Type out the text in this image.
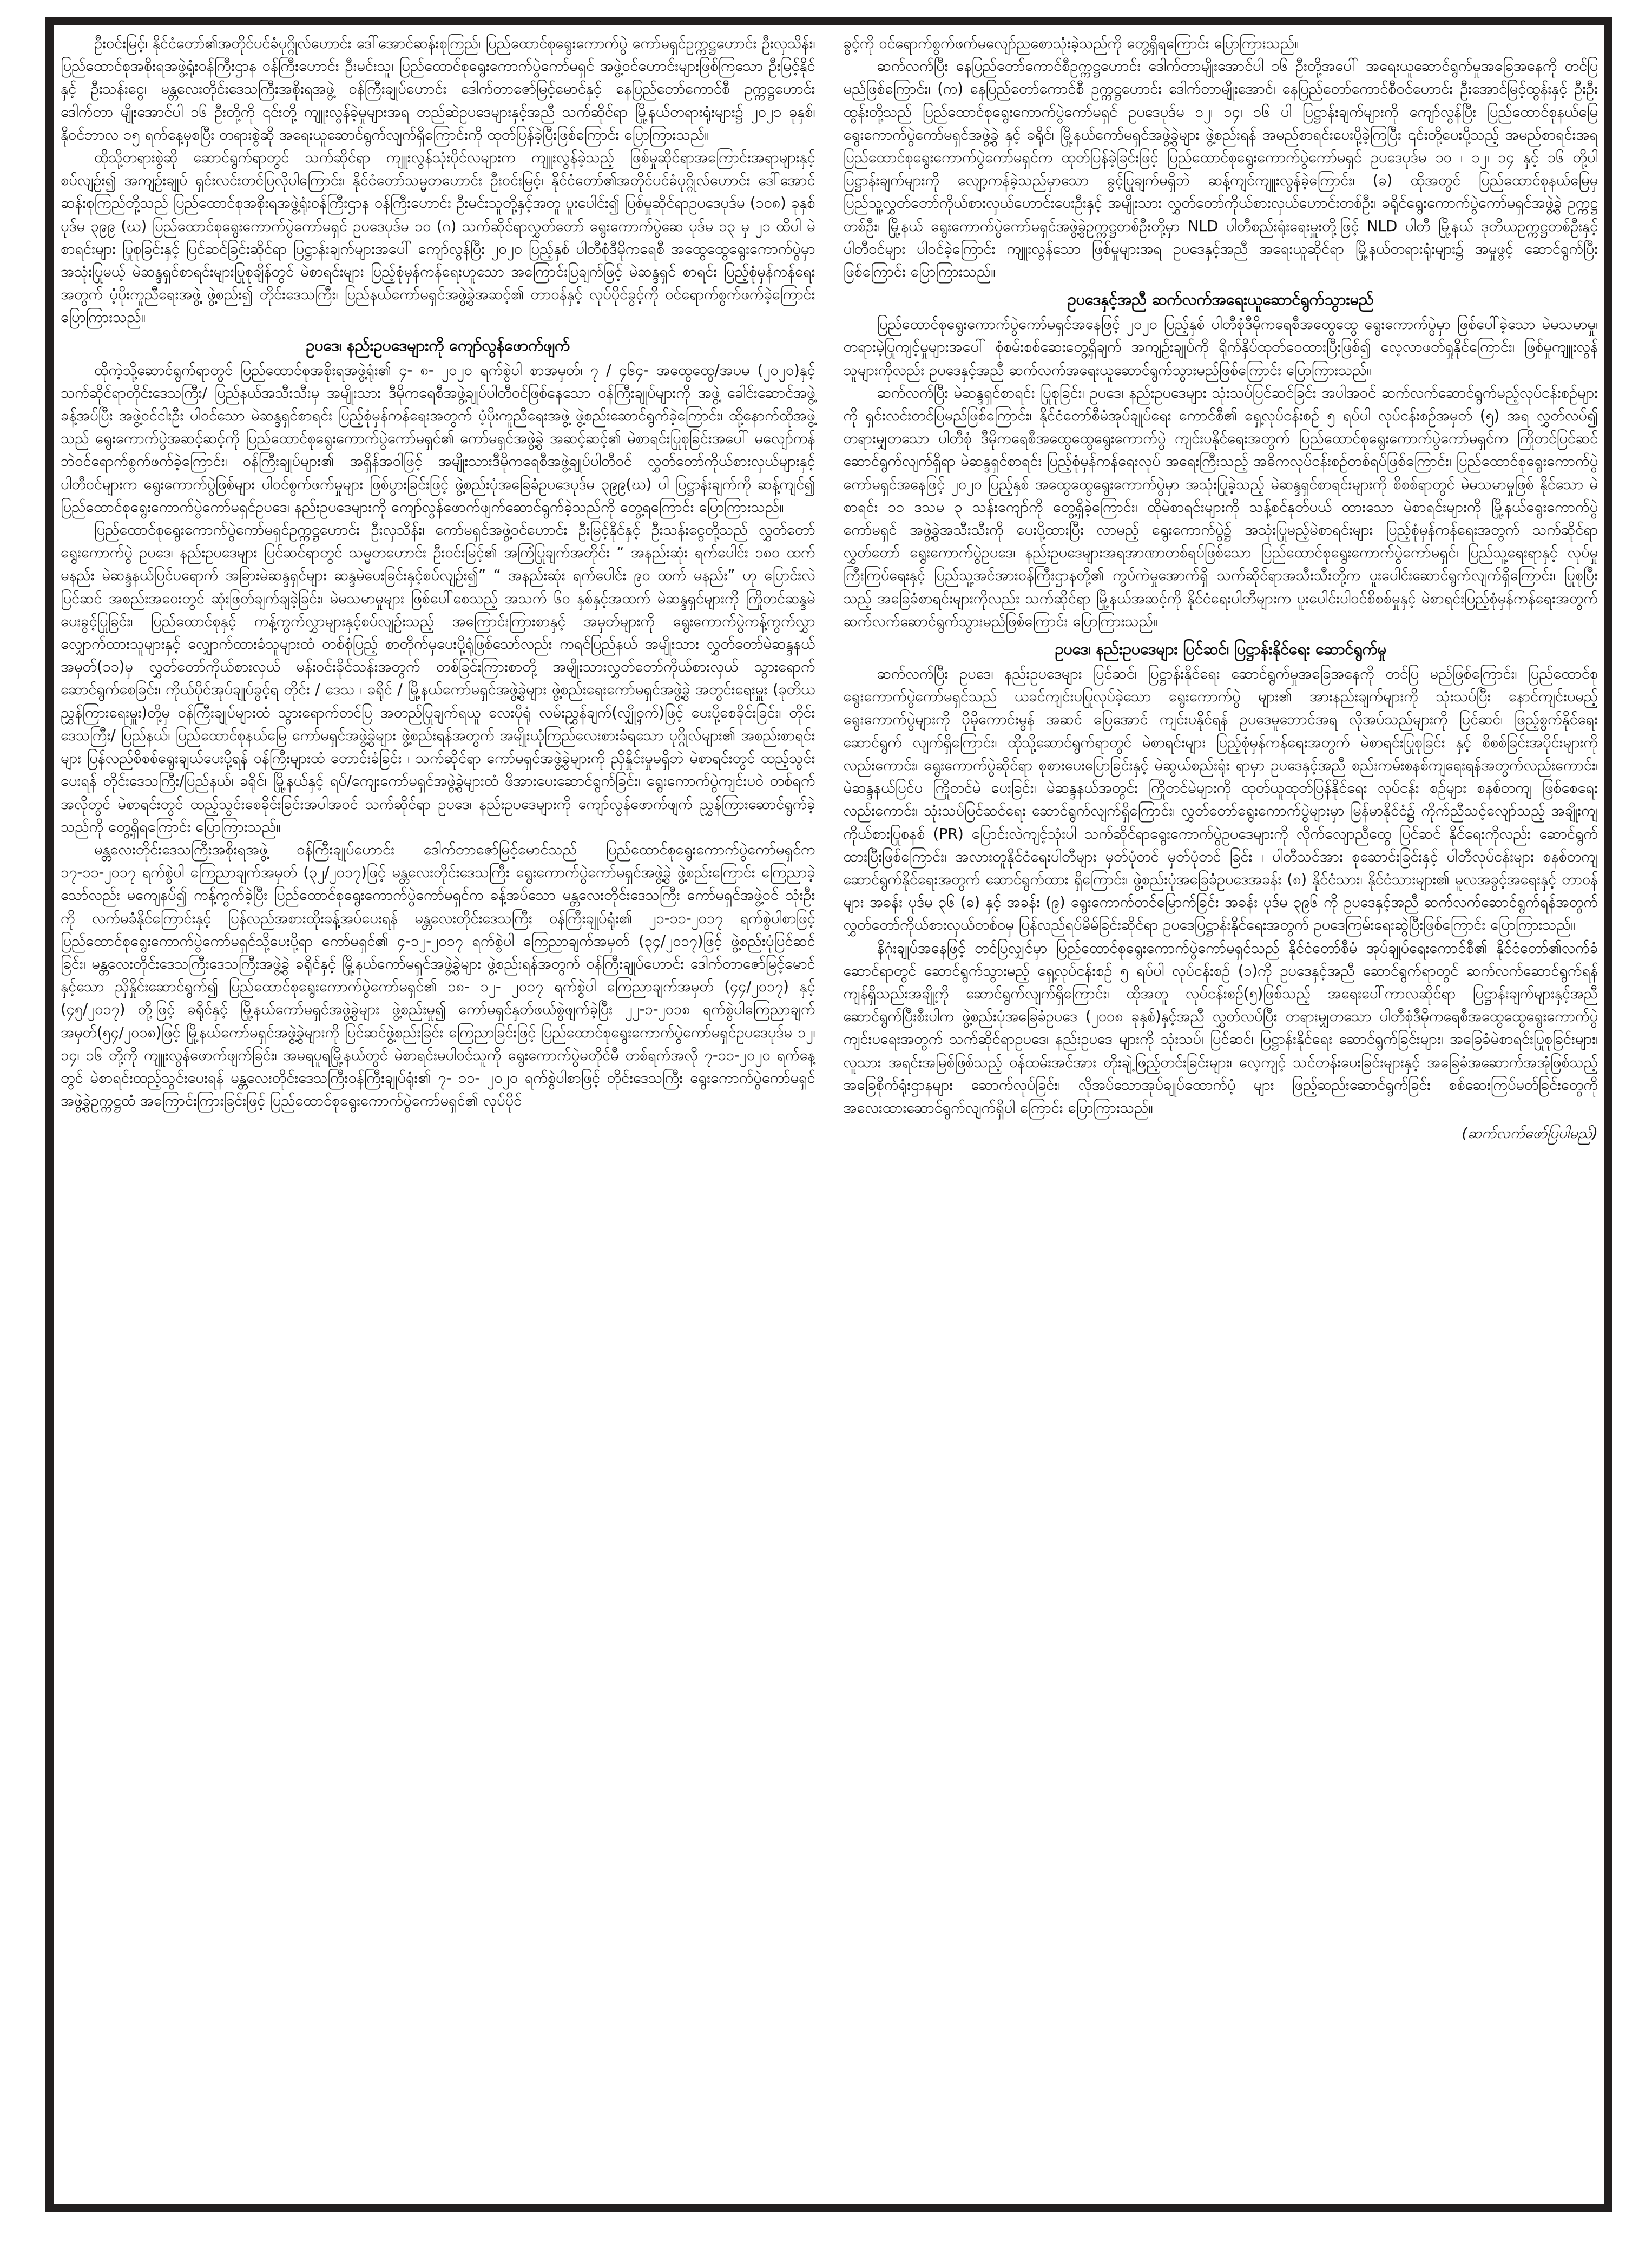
ဦးဝင်းမြင့်၊ နိုင်ငံတော်၏အတိုင်ပင်ခံပုဂ္ဂိုလ်ဟောင်း ဒေါ်အောင်ဆန်းစုကြည်၊ ပြည်ထောင်စုရွေးကောက်ပွဲ ကော်မရှင်ဥက္ကဋ္ဌဟောင်း ဦးလှသိန်း၊ ပြည်ထောင်စုအစိုးရအဖွဲ့ရုံးဝန်ကြီးဌာန ဝန်ကြီးဟောင်း ဦးမင်းသူ၊ ပြည်ထောင်စုရွေးကောက်ပွဲကော်မရှင် အဖွဲ့ဝင်ဟောင်းများဖြစ်ကြသော ဦးမြင့်နိုင်နှင့် ဦးသန်းငွေ၊ မန္တလေးတိုင်းဒေသကြီးအစိုးရအဖွဲ့ ဝန်ကြီးချုပ်ဟောင်း ဒေါက်တာဇော်မြင့်မောင်နှင့် နေပြည်တော်ကောင်စီ ဥက္ကဋ္ဌဟောင်း ဒေါက်တာ မျိုးအောင်ပါ ၁၆ ဦးတို့ကို ၎င်းတို့ ကျူးလွန်ခဲ့မှုများအရ တည်ဆဲဥပဒေများနှင့်အညီ သက်ဆိုင်ရာ မြို့နယ်တရားရုံးများ၌ ၂၀၂၁ ခုနှစ်၊ နိုဝင်ဘာလ ၁၅ ရက်နေ့မှစပြီး တရားစွဲဆို အရေးယူဆောင်ရွက်လျက်ရှိကြောင်းကို ထုတ်ပြန်ခဲ့ပြီးဖြစ်ကြောင်း ပြောကြားသည်။

ထိုသို့တရားစွဲဆို ဆောင်ရွက်ရာတွင် သက်ဆိုင်ရာ ကျူးလွန်သုံးပိုင်လများက ကျူးလွန်ခဲ့သည့် ဖြစ်မှုဆိုင်ရာအကြောင်းအရာများနှင့်စပ်လျဉ်း၍ အကျဉ်းချုပ် ရှင်းလင်းတင်ပြလိုပါကြောင်း၊ နိုင်ငံတော်သမ္မတဟောင်း ဦးဝင်းမြင့်၊ နိုင်ငံတော်၏အတိုင်ပင်ခံပုဂ္ဂိုလ်ဟောင်း ဒေါ်အောင်ဆန်းစုကြည်တို့သည် ပြည်ထောင်စုအစိုးရအဖွဲ့ရုံးဝန်ကြီးဌာန ဝန်ကြီးဟောင်း ဦးမင်းသူတို့နှင့်အတူ ပူးပေါင်း၍ ပြစ်မှုဆိုင်ရာဥပဒေပုဒ်မ (၁၀၈) ခုနှစ် ပုဒ်မ ၃၉၉ (ဃ) ပြည်ထောင်စုရွေးကောက်ပွဲကော်မရှင် ဥပဒေပုဒ်မ ၁၀ (ဂ) သက်ဆိုင်ရာလွှတ်တော် ရွေးကောက်ပွဲဆေ ပုဒ်မ ၁၃ မှ ၂၁ ထိပါ မဲစာရင်းများ ပြုစုခြင်းနှင့် ပြင်ဆင်ခြင်းဆိုင်ရာ ပြဋ္ဌာန်းချက်များအပေါ် ကျော်လွန်ပြီး ၂၀၂၀ ပြည့်နှစ် ပါတီစုံဒီမိုကရေစီ အထွေထွေရွေးကောက်ပွဲမှာ အသုံးပြုမယ့် မဲဆန္ဒရှင်စာရင်းများပြုစုချိန်တွင် မဲစာရင်းများ ပြည့်စုံမှန်ကန်ရေးဟူသော အကြောင်းပြချက်ဖြင့် မဲဆန္ဒရှင် စာရင်း ပြည့်စုံမှန်ကန်ရေးအတွက် ပံ့ပိုးကူညီရေးအဖွဲ့ ဖွဲ့စည်း၍ တိုင်းဒေသကြီး၊ ပြည်နယ်ကော်မရှင်အဖွဲ့ခွဲအဆင့်၏ တာဝန်နှင့် လုပ်ပိုင်ခွင့်ကို ဝင်ရောက်စွက်ဖက်ခဲ့ကြောင်း ပြောကြားသည်။

ဥပဒေ၊ နည်းဥပဒေများကို ကျော်လွန်ဖောက်ဖျက်

ထိုကဲ့သို့ဆောင်ရွက်ရာတွင် ပြည်ထောင်စုအစိုးရအဖွဲ့ရုံး၏ ၄- ၈- ၂၀၂၀ ရက်စွဲပါ စာအမှတ်၊ ၇ / ၄၆၄- အထွေထွေ/အပမ (၂၀၂၀)နှင့် သက်ဆိုင်ရာတိုင်းဒေသကြီး/ ပြည်နယ်အသီးသီးမှ အမျိုးသား ဒီမိုကရေစီအဖွဲ့ချုပ်ပါတီဝင်ဖြစ်နေသော ဝန်ကြီးချုပ်များကို အဖွဲ့ ခေါင်းဆောင်အဖွဲ့ခန့်အပ်ပြီး အဖွဲ့ဝင်ငါးဦး ပါဝင်သော မဲဆန္ဒရှင်စာရင်း ပြည့်စုံမှန်ကန်ရေးအတွက် ပံ့ပိုးကူညီရေးအဖွဲ့ ဖွဲ့စည်းဆောင်ရွက်ခဲ့ကြောင်း၊ ထို့နောက်ထိုအဖွဲ့သည် ရွေးကောက်ပွဲအဆင့်ဆင့်ကို ပြည်ထောင်စုရွေးကောက်ပွဲကော်မရှင်၏ ကော်မရှင်အဖွဲ့ခွဲ အဆင့်ဆင့်၏ မဲစာရင်းပြုစုခြင်းအပေါ် မလျော်ကန်ဘဲဝင်ရောက်စွက်ဖက်ခဲ့ကြောင်း၊ ဝန်ကြီးချုပ်များ၏ အရှိန်အဝါဖြင့် အမျိုးသားဒီမိုကရေစီအဖွဲ့ချုပ်ပါတီဝင် လွှတ်တော်ကိုယ်စားလှယ်များနှင့် ပါတီဝင်များက ရွေးကောက်ပွဲဖြစ်များ ပါဝင်စွက်ဖက်မှုများ ဖြစ်ပွားခြင်းဖြင့် ဖွဲ့စည်းပုံအခြေခံဥပဒေပုဒ်မ ၃၉၉(ဃ) ပါ ပြဋ္ဌာန်းချက်ကို ဆန့်ကျင်၍ ပြည်ထောင်စုရွေးကောက်ပွဲကော်မရှင်ဥပဒေ၊ နည်းဥပဒေများကို ကျော်လွန်ဖောက်ဖျက်ဆောင်ရွက်ခဲ့သည်ကို တွေ့ရကြောင်း ပြောကြားသည်။

ပြည်ထောင်စုရွေးကောက်ပွဲကော်မရှင်ဥက္ကဋ္ဌဟောင်း ဦးလှသိန်း၊ ကော်မရှင်အဖွဲ့ဝင်ဟောင်း ဦးမြင့်နိုင်နှင့် ဦးသန်းငွေတို့သည် လွှတ်တော်ရွေးကောက်ပွဲ ဥပဒေ၊ နည်းဥပဒေများ ပြင်ဆင်ရာတွင် သမ္မတဟောင်း ဦးဝင်းမြင့်၏ အကြံပြုချက်အတိုင်း “ အနည်းဆုံး ရက်ပေါင်း ၁၈၀ ထက်မနည်း မဲဆန္ဒနယ်ပြင်ပရောက် အခြားမဲဆန္ဒရှင်များ ဆန္ဒမဲပေးခြင်းနှင့်စပ်လျဉ်း၍” “ အနည်းဆုံး ရက်ပေါင်း ၉၀ ထက် မနည်း” ဟု ပြောင်းလဲပြင်ဆင် အစည်းအဝေးတွင် ဆုံးဖြတ်ချက်ချခဲ့ခြင်း၊ မဲမသမာမှုများ ဖြစ်ပေါ်စေသည့် အသက် ၆၀ နှစ်နှင့်အထက် မဲဆန္ဒရှင်များကို ကြိုတင်ဆန္ဒမဲပေးခွင့်ပြုခြင်း၊ ပြည်ထောင်စုနှင့် ကန့်ကွက်လွှာများနှင့်စပ်လျဉ်းသည့် အကြောင်းကြားစာနှင့် အမှတ်များကို ရွေးကောက်ပွဲကန့်ကွက်လွှာ လျှောက်ထားသူများနှင့် လျှောက်ထားခံသူများထံ တစ်စုံပြည့် စာတိုက်မှပေးပို့ရုံဖြစ်သော်လည်း ကရင်ပြည်နယ် အမျိုးသား လွှတ်တော်မဲဆန္ဒနယ်အမှတ်(၁၁)မှ လွှတ်တော်ကိုယ်စားလှယ် မန်းဝင်းခိုင်သန်းအတွက် တစ်ခြင်းကြားစာတို့ အမျိုးသားလွှတ်တော်ကိုယ်စားလှယ် သွားရောက်ဆောင်ရွက်စေခြင်း၊ ကိုယ်ပိုင်အုပ်ချုပ်ခွင့်ရ တိုင်း / ဒေသ ၊ ခရိုင် / မြို့နယ်ကော်မရှင်အဖွဲ့ခွဲများ ဖွဲ့စည်းရေးကော်မရှင်အဖွဲ့ခွဲ အတွင်းရေးမှူး (ခုတိယညွှန်ကြားရေးမှူး)တို့မှ ဝန်ကြီးချုပ်များထံ သွားရောက်တင်ပြ အတည်ပြုချက်ရယူ လေးပိုရုံ လမ်းညွှန်ချက်(လျှို့ဝှက်)ဖြင့် ပေးပို့စေခိုင်းခြင်း၊ တိုင်းဒေသကြီး/ ပြည်နယ်၊ ပြည်ထောင်စုနယ်မြေ ကော်မရှင်အဖွဲ့ခွဲများ ဖွဲ့စည်းရန်အတွက် အမျိုးယုံကြည်လေးစားခံရသော ပုဂ္ဂိုလ်များ၏ အစည်းစာရင်းများ ပြန်လည်စိစစ်ရွေးချယ်ပေးပို့ရန် ဝန်ကြီးများထံ တောင်းခံခြင်း ၊ သက်ဆိုင်ရာ ကော်မရှင်အဖွဲ့ခွဲများကို ညှိနှိုင်းမှုမရှိဘဲ မဲစာရင်းတွင် ထည့်သွင်းပေးရန် တိုင်းဒေသကြီး/ပြည်နယ်၊ ခရိုင်၊ မြို့နယ်နှင့် ရပ်/ကျေးကော်မရှင်အဖွဲ့ခွဲများထံ ဖိအားပေးဆောင်ရွက်ခြင်း၊ ရွေးကောက်ပွဲကျင်းပဝဲ တစ်ရက်အလိုတွင် မဲစာရင်းတွင် ထည့်သွင်းစေခိုင်းခြင်းအပါအဝင် သက်ဆိုင်ရာ ဥပဒေ၊ နည်းဥပဒေများကို ကျော်လွန်ဖောက်ဖျက် ညွှန်ကြားဆောင်ရွက်ခဲ့သည်ကို တွေ့ရှိရကြောင်း ပြောကြားသည်။

မန္တလေးတိုင်းဒေသကြီးအစိုးရအဖွဲ့ ဝန်ကြီးချုပ်ဟောင်း ဒေါက်တာဇော်မြင့်မောင်သည် ပြည်ထောင်စုရွေးကောက်ပွဲကော်မရှင်က ၁၇-၁၁-၂၀၁၇ ရက်စွဲပါ ကြေညာချက်အမှတ် (၃၂/၂၀၁၇)ဖြင့် မန္တလေးတိုင်းဒေသကြီး ရွေးကောက်ပွဲကော်မရှင်အဖွဲ့ခွဲ ဖွဲ့စည်းကြောင်း ကြေညာခဲ့သော်လည်း မကျေနပ်၍ ကန့်ကွက်ခဲ့ပြီး ပြည်ထောင်စုရွေးကောက်ပွဲကော်မရှင်က ခန့်အပ်သော မန္တလေးတိုင်းဒေသကြီး ကော်မရှင်အဖွဲ့ဝင် သုံးဦးကို လက်မခံနိုင်ကြောင်းနှင့် ပြန်လည်အစားထိုးခန့်အပ်ပေးရန် မန္တလေးတိုင်းဒေသကြီး ဝန်ကြီးချုပ်ရုံး၏ ၂၁-၁၁-၂၀၁၇ ရက်စွဲပါစာဖြင့် ပြည်ထောင်စုရွေးကောက်ပွဲကော်မရှင်သို့ပေးပို့ရာ ကော်မရှင်၏ ၄-၁၂-၂၀၁၇ ရက်စွဲပါ ကြေညာချက်အမှတ် (၃၄/၂၀၁၇)ဖြင့် ဖွဲ့စည်းပုံပြင်ဆင်ခြင်း၊ မန္တလေးတိုင်းဒေသကြီးဒေသကြီးအဖွဲ့ခွဲ ခရိုင်နှင့် မြို့နယ်ကော်မရှင်အဖွဲ့ခွဲများ ဖွဲ့စည်းရန်အတွက် ဝန်ကြီးချုပ်ဟောင်း ဒေါက်တာဇော်မြင့်မောင်နှင့်သော ညှိနှိုင်းဆောင်ရွက်၍ ပြည်ထောင်စုရွေးကောက်ပွဲကော်မရှင်၏ ၁၈- ၁၂- ၂၀၁၇ ရက်စွဲပါ ကြေညာချက်အမှတ် (၄၄/၂၀၁၇) နှင့် (၄၅/၂၀၁၇) တို့ဖြင့် ခရိုင်နှင့် မြို့နယ်ကော်မရှင်အဖွဲ့ခွဲများ ဖွဲ့စည်းမှု၍ ကော်မရှင်နှတ်ဖယ်စွဲဖျက်ခဲ့ပြီး ၂၂-၁-၂၀၁၈ ရက်စွဲပါကြေညာချက်အမှတ်(၅၄/၂၀၁၈)ဖြင့် မြို့နယ်ကော်မရှင်အဖွဲ့ခွဲများကို ပြင်ဆင်ဖွဲ့စည်းခြင်း ကြေညာခြင်းဖြင့် ပြည်ထောင်စုရွေးကောက်ပွဲကော်မရှင်ဥပဒေပုဒ်မ ၁၂၊ ၁၄၊ ၁၆ တို့ကို ကျူးလွန်ဖောက်ဖျက်ခြင်း၊ အမရပူရမြို့နယ်တွင် မဲစာရင်းမပါဝင်သူကို ရွေးကောက်ပွဲမတိုင်မီ တစ်ရက်အလို ၇-၁၁-၂၀၂၀ ရက်နေ့တွင် မဲစာရင်းထည့်သွင်းပေးရန် မန္တလေးတိုင်းဒေသကြီးဝန်ကြီးချုပ်ရုံး၏ ၇- ၁၁- ၂၀၂၀ ရက်စွဲပါစာဖြင့် တိုင်းဒေသကြီး ရွေးကောက်ပွဲကော်မရှင်အဖွဲ့ခွဲဥက္ကဋ္ဌထံ အကြောင်းကြားခြင်းဖြင့် ပြည်ထောင်စုရွေးကောက်ပွဲကော်မရှင်၏ လုပ်ပိုင်

ခွင့်ကို ဝင်ရောက်စွက်ဖက်မလျော်ညစောသုံးခဲ့သည်ကို တွေ့ရှိရကြောင်း ပြောကြားသည်။

ဆက်လက်ပြီး နေပြည်တော်ကောင်စီဥက္ကဋ္ဌဟောင်း ဒေါက်တာမျိုးအောင်ပါ ၁၆ ဦးတို့အပေါ် အရေးယူဆောင်ရွက်မှုအခြေအနေကို တင်ပြမည်ဖြစ်ကြောင်း၊ (က) နေပြည်တော်ကောင်စီ ဥက္ကဋ္ဌဟောင်း ဒေါက်တာမျိုးအောင်၊ နေပြည်တော်ကောင်စီဝင်ဟောင်း ဦးအောင်မြင့်ထွန်းနှင့် ဦးဦးထွန်းတို့သည် ပြည်ထောင်စုရွေးကောက်ပွဲကော်မရှင် ဥပဒေပုဒ်မ ၁၂၊ ၁၄၊ ၁၆ ပါ ပြဋ္ဌာန်းချက်များကို ကျော်လွန်ပြီး ပြည်ထောင်စုနယ်မြေရွေးကောက်ပွဲကော်မရှင်အဖွဲ့ခွဲ နှင့် ခရိုင်၊ မြို့နယ်ကော်မရှင်အဖွဲ့ခွဲများ ဖွဲ့စည်းရန် အမည်စာရင်းပေးပို့ခဲ့ကြပြီး ၎င်းတို့ပေးပို့သည့် အမည်စာရင်းအရ ပြည်ထောင်စုရွေးကောက်ပွဲကော်မရှင်က ထုတ်ပြန်ခဲ့ခြင်းဖြင့် ပြည်ထောင်စုရွေးကောက်ပွဲကော်မရှင် ဥပဒေပုဒ်မ ၁၀ ၊ ၁၂၊ ၁၄ နှင့် ၁၆ တို့ပါ ပြဋ္ဌာန်းချက်များကို လျော့ကန်ခဲ့သည်မှာသော ခွင့်ပြုချက်မရှိဘဲ ဆန့်ကျင်ကျူးလွန်ခဲ့ကြောင်း၊ (ခ) ထိုအတွင် ပြည်ထောင်စုနယ်မြေမှ ပြည်သူ့လွှတ်တော်ကိုယ်စားလှယ်ဟောင်းပေးဦးနှင့် အမျိုးသား လွှတ်တော်ကိုယ်စားလှယ်ဟောင်းတစ်ဦး၊ ခရိုင်ရွေးကောက်ပွဲကော်မရှင်အဖွဲ့ခွဲ ဥက္ကဋ္ဌတစ်ဦး၊ မြို့နယ် ရွေးကောက်ပွဲကော်မရှင်အဖွဲ့ခွဲဥက္ကဋ္ဌတစ်ဦးတို့မှာ NLD ပါတီစည်းရုံးရေးမှူးတို့ဖြင့် NLD ပါတီ မြို့နယ် ဒုတိယဥက္ကဋ္ဌတစ်ဦးနှင့် ပါတီဝင်များ ပါဝင်ခဲ့ကြောင်း ကျူးလွန်သော ဖြစ်မှုများအရ ဥပဒေနှင့်အညီ အရေးယူဆိုင်ရာ မြို့နယ်တရားရုံးများ၌ အမှုဖွင့် ဆောင်ရွက်ပြီးဖြစ်ကြောင်း ပြောကြားသည်။

ဥပဒေနှင့်အညီ ဆက်လက်အရေးယူဆောင်ရွက်သွားမည်

ပြည်ထောင်စုရွေးကောက်ပွဲကော်မရှင်အနေဖြင့် ၂၀၂၀ ပြည့်နှစ် ပါတီစုံဒီမိုကရေစီအထွေထွေ ရွေးကောက်ပွဲမှာ ဖြစ်ပေါ်ခဲ့သော မဲမသမာမှု၊ တရားမဲ့ပြုကျင့်မှုများအပေါ် စုံစမ်းစစ်ဆေးတွေ့ရှိချက် အကျဉ်းချုပ်ကို ရိုက်နှိပ်ထုတ်ဝေထားပြီးဖြစ်၍ လေ့လာဖတ်ရှုနိုင်ကြောင်း၊ ဖြစ်မှုကျူးလွန်သူများကိုလည်း ဥပဒေနှင့်အညီ ဆက်လက်အရေးယူဆောင်ရွက်သွားမည်ဖြစ်ကြောင်း ပြောကြားသည်။

ဆက်လက်ပြီး မဲဆန္ဒရှင်စာရင်း ပြုစုခြင်း၊ ဥပဒေ၊ နည်းဥပဒေများ သုံးသပ်ပြင်ဆင်ခြင်း အပါအဝင် ဆက်လက်ဆောင်ရွက်မည့်လုပ်ငန်းစဉ်များကို ရှင်းလင်းတင်ပြမည်ဖြစ်ကြောင်း၊ နိုင်ငံတော်စီမံအုပ်ချုပ်ရေး ကောင်စီ၏ ရှေ့လုပ်ငန်းစဉ် ၅ ရပ်ပါ လုပ်ငန်းစဉ်အမှတ် (၅) အရ လွှတ်လပ်၍ တရားမျှတသော ပါတီစုံ ဒီမိုကရေစီအထွေထွေရွေးကောက်ပွဲ ကျင်းပနိုင်ရေးအတွက် ပြည်ထောင်စုရွေးကောက်ပွဲကော်မရှင်က ကြိုတင်ပြင်ဆင်ဆောင်ရွက်လျက်ရှိရာ မဲဆန္ဒရှင်စာရင်း ပြည့်စုံမှန်ကန်ရေးလုပ် အရေးကြီးသည့် အဓိကလုပ်ငန်းစဉ်တစ်ရပ်ဖြစ်ကြောင်း၊ ပြည်ထောင်စုရွေးကောက်ပွဲကော်မရှင်အနေဖြင့် ၂၀၂၀ ပြည့်နှစ် အထွေထွေရွေးကောက်ပွဲမှာ အသုံးပြုခဲ့သည့် မဲဆန္ဒရှင်စာရင်းများကို စိစစ်ရာတွင် မဲမသမာမှုဖြစ် နိုင်သော မဲစာရင်း ၁၁ ဒသမ ၃ သန်းကျော်ကို တွေ့ရှိခဲ့ကြောင်း၊ ထိုမဲစာရင်းများကို သန့်စင်နုတ်ပယ် ထားသော မဲစာရင်းများကို မြို့နယ်ရွေးကောက်ပွဲကော်မရှင် အဖွဲ့ခွဲအသီးသီးကို ပေးပို့ထားပြီး လာမည့် ရွေးကောက်ပွဲ၌ အသုံးပြုမည့်မဲစာရင်းများ ပြည့်စုံမှန်ကန်ရေးအတွက် သက်ဆိုင်ရာလွှတ်တော် ရွေးကောက်ပွဲဥပဒေ၊ နည်းဥပဒေများအရအာဏာတစ်ရပ်ဖြစ်သော ပြည်ထောင်စုရွေးကောက်ပွဲကော်မရှင်၊ ပြည်သူ့ရေးရာနှင့် လုပ်မှုကြီးကြပ်ရေးနှင့် ပြည်သူ့အင်အားဝန်ကြီးဌာနတို့၏ ကွပ်ကဲမှုအောက်ရှိ သက်ဆိုင်ရာအသီးသီးတို့က ပူးပေါင်းဆောင်ရွက်လျက်ရှိကြောင်း၊ ပြုစုပြီးသည့် အခြေခံစာရင်းများကိုလည်း သက်ဆိုင်ရာ မြို့နယ်အဆင့်ကို နိုင်ငံရေးပါတီများက ပူးပေါင်းပါဝင်စိစစ်မှုနှင့် မဲစာရင်းပြည့်စုံမှန်ကန်ရေးအတွက် ဆက်လက်ဆောင်ရွက်သွားမည်ဖြစ်ကြောင်း ပြောကြားသည်။

ဥပဒေ၊ နည်းဥပဒေများ ပြင်ဆင်၊ ပြဋ္ဌာန်းနိုင်ရေး ဆောင်ရွက်မှု

ဆက်လက်ပြီး ဥပဒေ၊ နည်းဥပဒေများ ပြင်ဆင်၊ ပြဋ္ဌာန်းနိုင်ရေး ဆောင်ရွက်မှုအခြေအနေကို တင်ပြ မည်ဖြစ်ကြောင်း၊ ပြည်ထောင်စုရွေးကောက်ပွဲကော်မရှင်သည် ယခင်ကျင်းပပြုလုပ်ခဲ့သော ရွေးကောက်ပွဲ များ၏ အားနည်းချက်များကို သုံးသပ်ပြီး နောင်ကျင်းပမည့် ရွေးကောက်ပွဲများကို ပိုမိုကောင်းမွန် အဆင် ပြေအောင် ကျင်းပနိုင်ရန် ဥပဒေမူဘောင်အရ လိုအပ်သည်များကို ပြင်ဆင်၊ ဖြည့်စွက်နိုင်ရေး ဆောင်ရွက် လျက်ရှိကြောင်း၊ ထိုသို့ဆောင်ရွက်ရာတွင် မဲစာရင်းများ ပြည့်စုံမှန်ကန်ရေးအတွက် မဲစာရင်းပြုစုခြင်း နှင့် စိစစ်ခြင်းအပိုင်းများကိုလည်းကောင်း၊ ရွေးကောက်ပွဲဆိုင်ရာ စုစားပေးပြောခြင်းနှင့် မဲဆွယ်စည်းရုံး ရာမှာ ဥပဒေနှင့်အညီ စည်းကမ်းစနစ်ကျရေးရန်အတွက်လည်းကောင်း၊ မဲဆန္ဒနယ်ပြင်ပ ကြိုတင်မဲ ပေးခြင်း၊ မဲဆန္ဒနယ်အတွင်း ကြိုတင်မဲများကို ထုတ်ယူထုတ်ပြန်နိုင်ရေး လုပ်ငန်း စဉ်များ စနစ်တကျ ဖြစ်စေရေးလည်းကောင်း၊ သုံးသပ်ပြင်ဆင်ရေး ဆောင်ရွက်လျက်ရှိကြောင်း၊ လွှတ်တော်ရွေးကောက်ပွဲများမှာ မြန်မာနိုင်ငံ၌ ကိုက်ညီသင့်လျော်သည့် အချိုးကျကိုယ်စားပြုစနစ် (PR) ပြောင်းလဲကျင့်သုံးပါ သက်ဆိုင်ရာရွေးကောက်ပွဲဥပဒေများကို လိုက်လျောညီထွေ ပြင်ဆင် နိုင်ရေးကိုလည်း ဆောင်ရွက်ထားပြီးဖြစ်ကြောင်း၊ အလားတူနိုင်ငံရေးပါတီများ မှတ်ပုံတင် မှတ်ပုံတင် ခြင်း ၊ ပါတီသင်အား စုဆောင်းခြင်းနှင့် ပါတီလုပ်ငန်းများ စနစ်တကျ ဆောင်ရွက်နိုင်ရေးအတွက် ဆောင်ရွက်ထား ရှိကြောင်း၊ ဖွဲ့စည်းပုံအခြေခံဥပဒေအခန်း (၈) နိုင်ငံသား၊ နိုင်ငံသားများ၏ မူလအခွင့်အရေးနှင့် တာဝန်များ အခန်း ပုဒ်မ ၃၆ (ခ) နှင့် အခန်း (၉) ရွေးကောက်တင်မြောက်ခြင်း အခန်း ပုဒ်မ ၃၉၆ ကို ဥပဒေနှင့်အညီ ဆက်လက်ဆောင်ရွက်ရန်အတွက် လွှတ်တော်ကိုယ်စားလှယ်တစ်ဝမှ ပြန်လည်ရပ်မိမ်ခြင်းဆိုင်ရာ ဥပဒေပြဋ္ဌာန်းနိုင်ရေးအတွက် ဥပဒေကြမ်းရေးဆွဲပြီးဖြစ်ကြောင်း ပြောကြားသည်။

နိဂုံးချုပ်အနေဖြင့် တင်ပြလျှင်မှာ ပြည်ထောင်စုရွေးကောက်ပွဲကော်မရှင်သည် နိုင်ငံတော်စီမံ အုပ်ချုပ်ရေးကောင်စီ၏ နိုင်ငံတော်၏လက်ခံဆောင်ရာတွင် ဆောင်ရွက်သွားမည့် ရှေ့လုပ်ငန်းစဉ် ၅ ရပ်ပါ လုပ်ငန်းစဉ် (၁)ကို ဥပဒေနှင့်အညီ ဆောင်ရွက်ရာတွင် ဆက်လက်ဆောင်ရွက်ရန် ကျန်ရှိသည်းအချို့ကို ဆောင်ရွက်လျက်ရှိကြောင်း၊ ထိုအတူ လုပ်ငန်းစဉ်(၅)ဖြစ်သည့် အရေးပေါ်ကာလဆိုင်ရာ ပြဋ္ဌာန်းချက်များနှင့်အညီ ဆောင်ရွက်ပြီးစီးပါက ဖွဲ့စည်းပုံအခြေခံဥပဒေ (၂၀၀၈ ခုနှစ်)နှင့်အညီ လွှတ်လပ်ပြီး တရားမျှတသော ပါတီစုံဒီမိုကရေစီအထွေထွေရွေးကောက်ပွဲကျင်းပရေးအတွက် သက်ဆိုင်ရာဥပဒေ၊ နည်းဥပဒေ များကို သုံးသပ်၊ ပြင်ဆင်၊ ပြဋ္ဌာန်းနိုင်ရေး ဆောင်ရွက်ခြင်းများ၊ အခြေခံမဲစာရင်းပြုစုခြင်းများ၊ လူသား အရင်းအမြစ်ဖြစ်သည့် ဝန်ထမ်းအင်အား တိုးချဲ့ဖြည့်တင်းခြင်းများ၊ လေ့ကျင့် သင်တန်းပေးခြင်းများနှင့် အခြေခံအဆောက်အအုံဖြစ်သည့် အခြေစိုက်ရုံးဌာနများ ဆောက်လုပ်ခြင်း၊ လိုအပ်သောအုပ်ချုပ်ထောက်ပံ့ များ ဖြည့်ဆည်းဆောင်ရွက်ခြင်း စစ်ဆေးကြပ်မတ်ခြင်းတွေကို အလေးထားဆောင်ရွက်လျက်ရှိပါ ကြောင်း ပြောကြားသည်။

(ဆက်လက်ဖော်ပြပါမည်)
